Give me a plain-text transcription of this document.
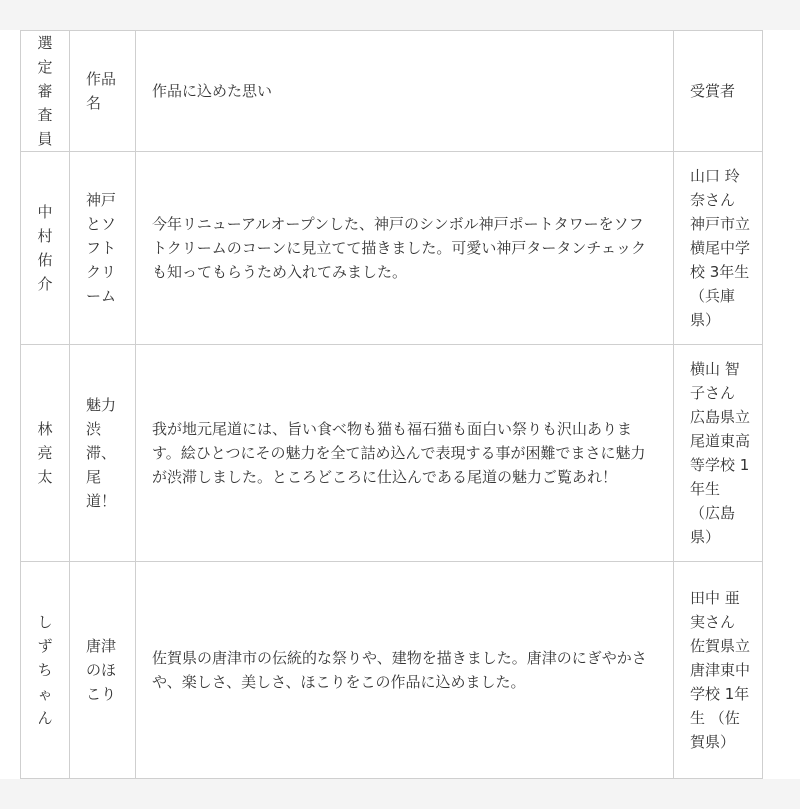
選定審査員	作品名	作品に込めた思い	受賞者

中村佑介	神戸とソフトクリーム	今年リニューアルオープンした、神戸のシンボル神戸ポートタワーをソフトクリームのコーンに見立てて描きました。可愛い神戸タータンチェックも知ってもらうため入れてみました。	山口 玲奈さん 神戸市立横尾中学校 3年生 （兵庫県）

林亮太	魅力渋滞、尾道！	我が地元尾道には、旨い食べ物も猫も福石猫も面白い祭りも沢山あります。絵ひとつにその魅力を全て詰め込んで表現する事が困難でまさに魅力が渋滞しました。ところどころに仕込んである尾道の魅力ご覧あれ！	横山 智子さん 広島県立尾道東高等学校 1年生 （広島県）

しずちゃん	唐津のほこり	佐賀県の唐津市の伝統的な祭りや、建物を描きました。唐津のにぎやかさや、楽しさ、美しさ、ほこりをこの作品に込めました。	田中 亜実さん 佐賀県立唐津東中学校 1年生 （佐賀県）
